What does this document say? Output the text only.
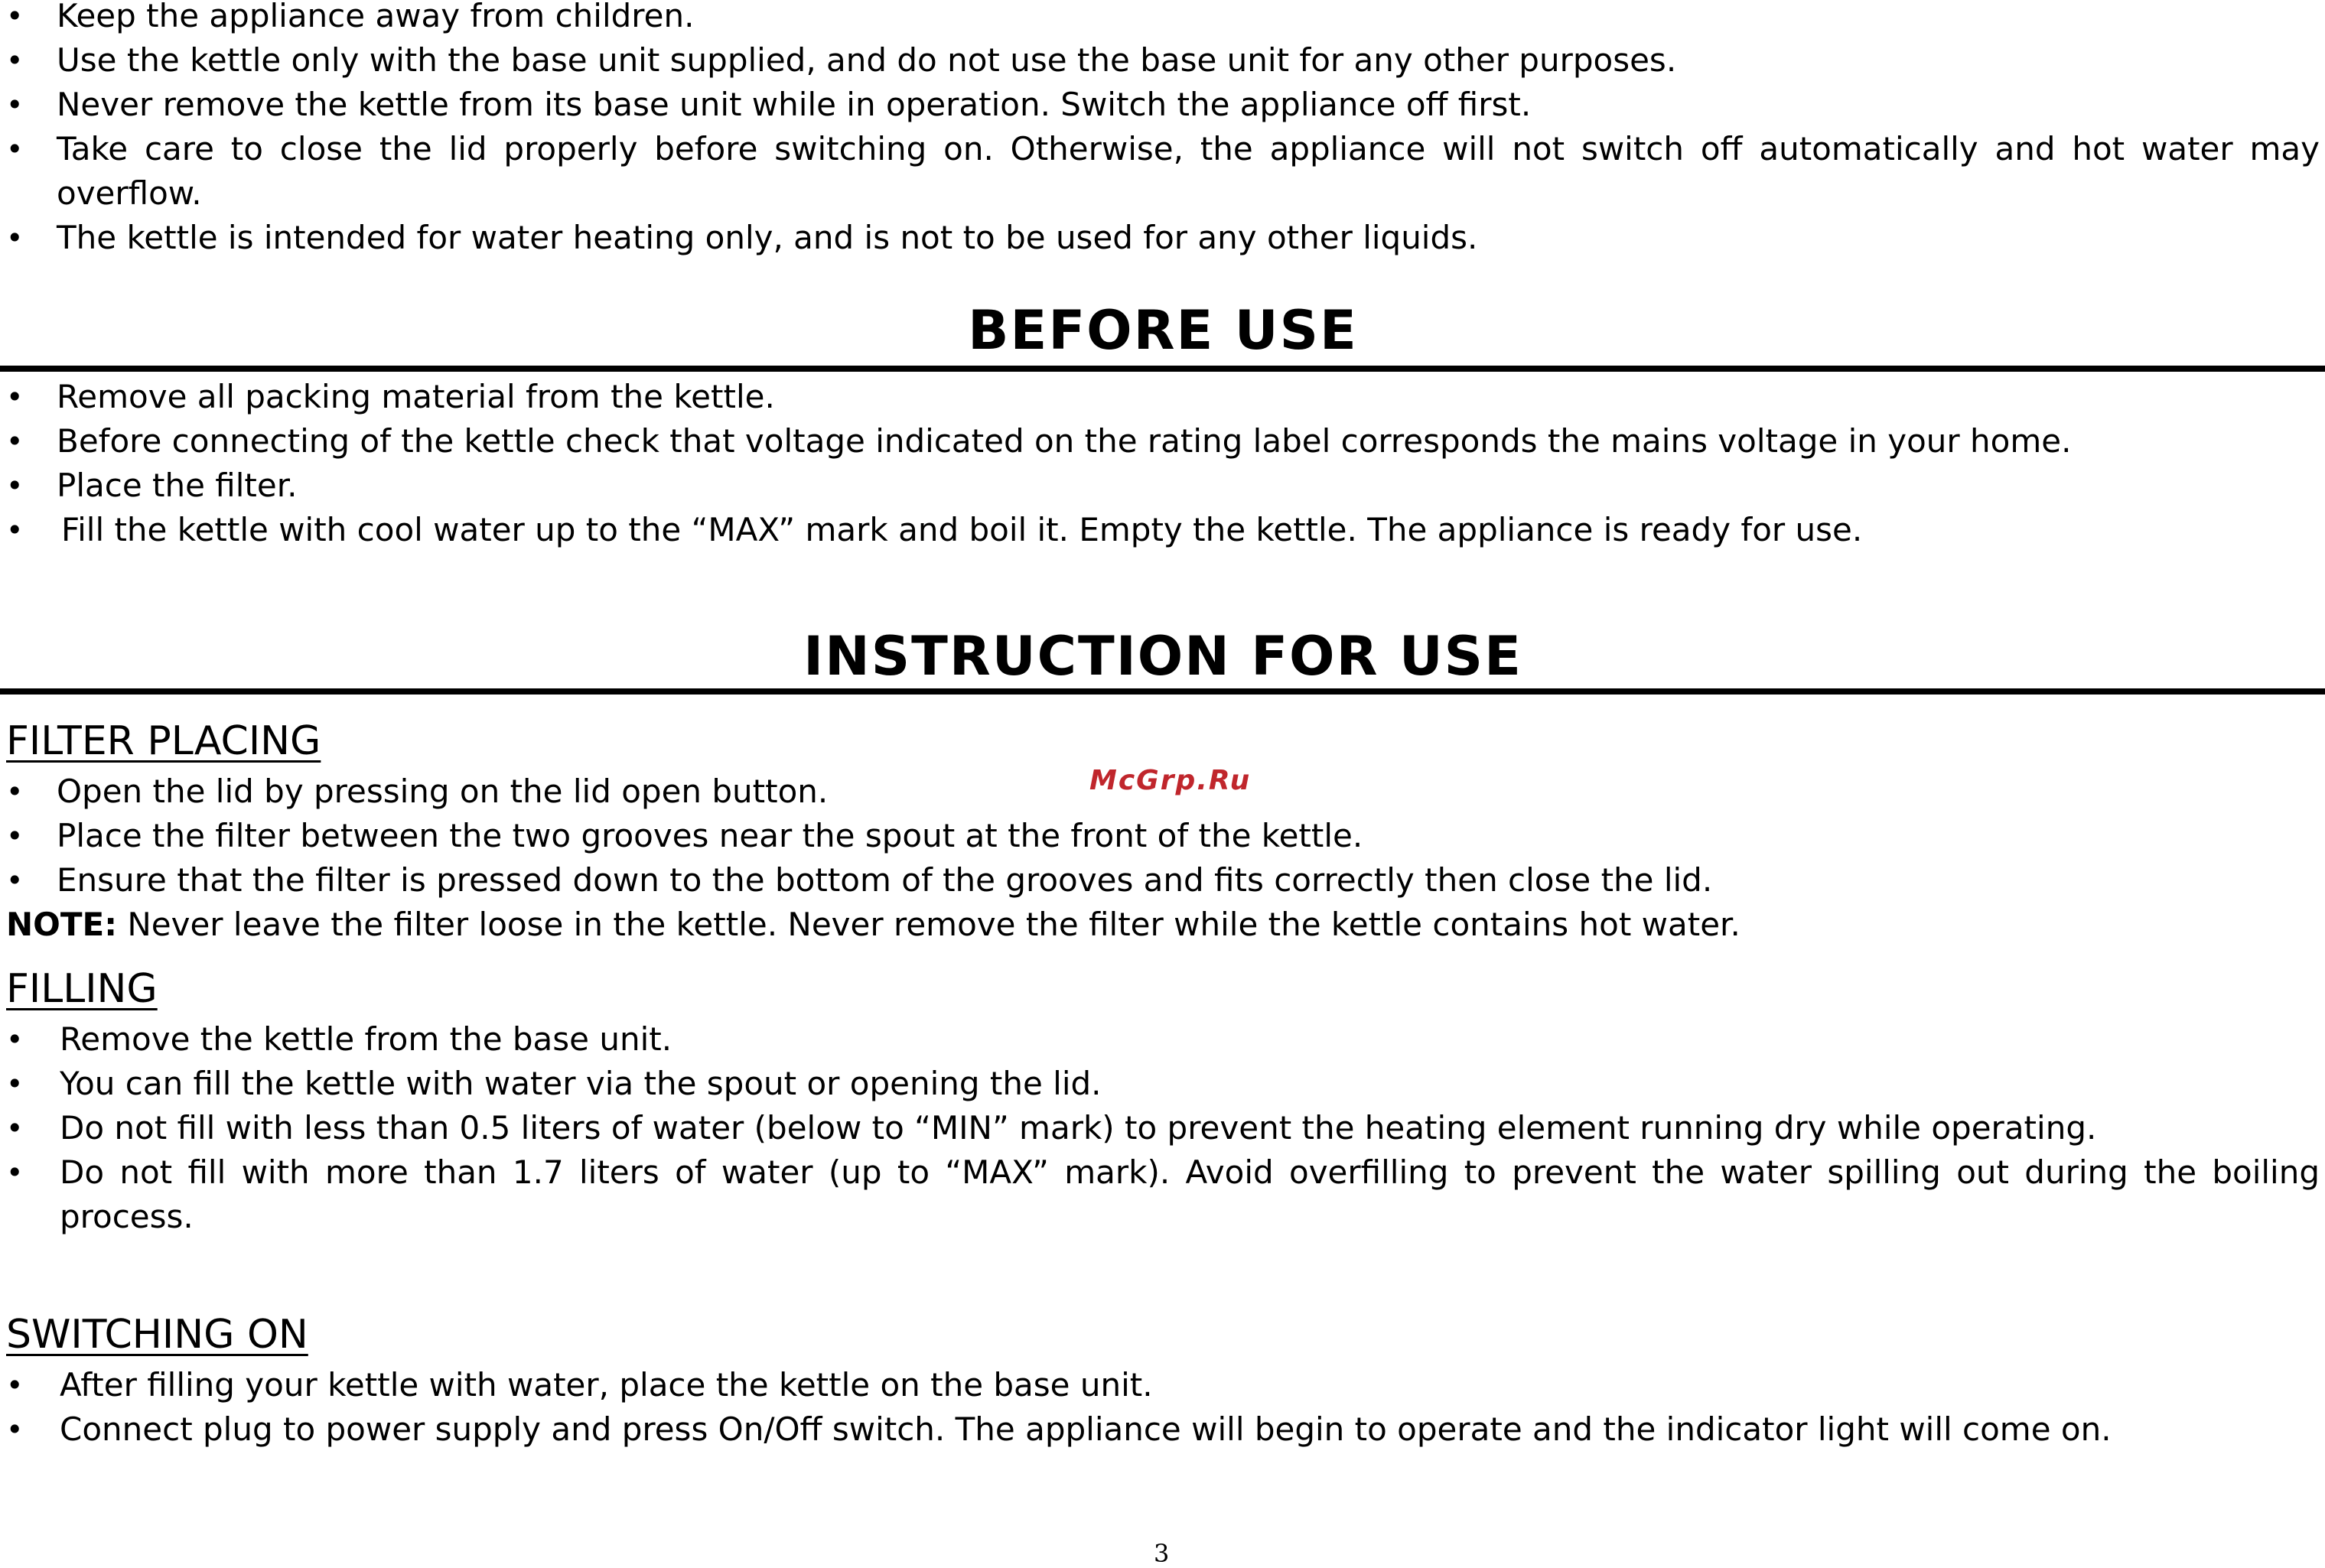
•	Keep the appliance away from children.
•	Use the kettle only with the base unit supplied, and do not use the base unit for any other purposes.
•	Never remove the kettle from its base unit while in operation. Switch the appliance off first.
•	Take care to close the lid properly before switching on. Otherwise, the appliance will not switch off automatically and hot water may overflow.
•	The kettle is intended for water heating only, and is not to be used for any other liquids.
BEFORE USE
•	Remove all packing material from the kettle.
•	Before connecting of the kettle check that voltage indicated on the rating label corresponds the mains voltage in your home.
•	Place the filter.
•	Fill the kettle with cool water up to the “MAX” mark and boil it. Empty the kettle. The appliance is ready for use.
INSTRUCTION FOR USE
FILTER PLACING
•	Open the lid by pressing on the lid open button.
•	Place the filter between the two grooves near the spout at the front of the kettle.
•	Ensure that the filter is pressed down to the bottom of the grooves and fits correctly then close the lid.
NOTE: Never leave the filter loose in the kettle. Never remove the filter while the kettle contains hot water.
FILLING
•	Remove the kettle from the base unit.
•	You can fill the kettle with water via the spout or opening the lid.
•	Do not fill with less than 0.5 liters of water (below to “MIN” mark) to prevent the heating element running dry while operating.
•	Do not fill with more than 1.7 liters of water (up to “MAX” mark). Avoid overfilling to prevent the water spilling out during the boiling process.
SWITCHING ON
•	After filling your kettle with water, place the kettle on the base unit.
•	Connect plug to power supply and press On/Off switch. The appliance will begin to operate and the indicator light will come on.
McGrp.Ru
3
